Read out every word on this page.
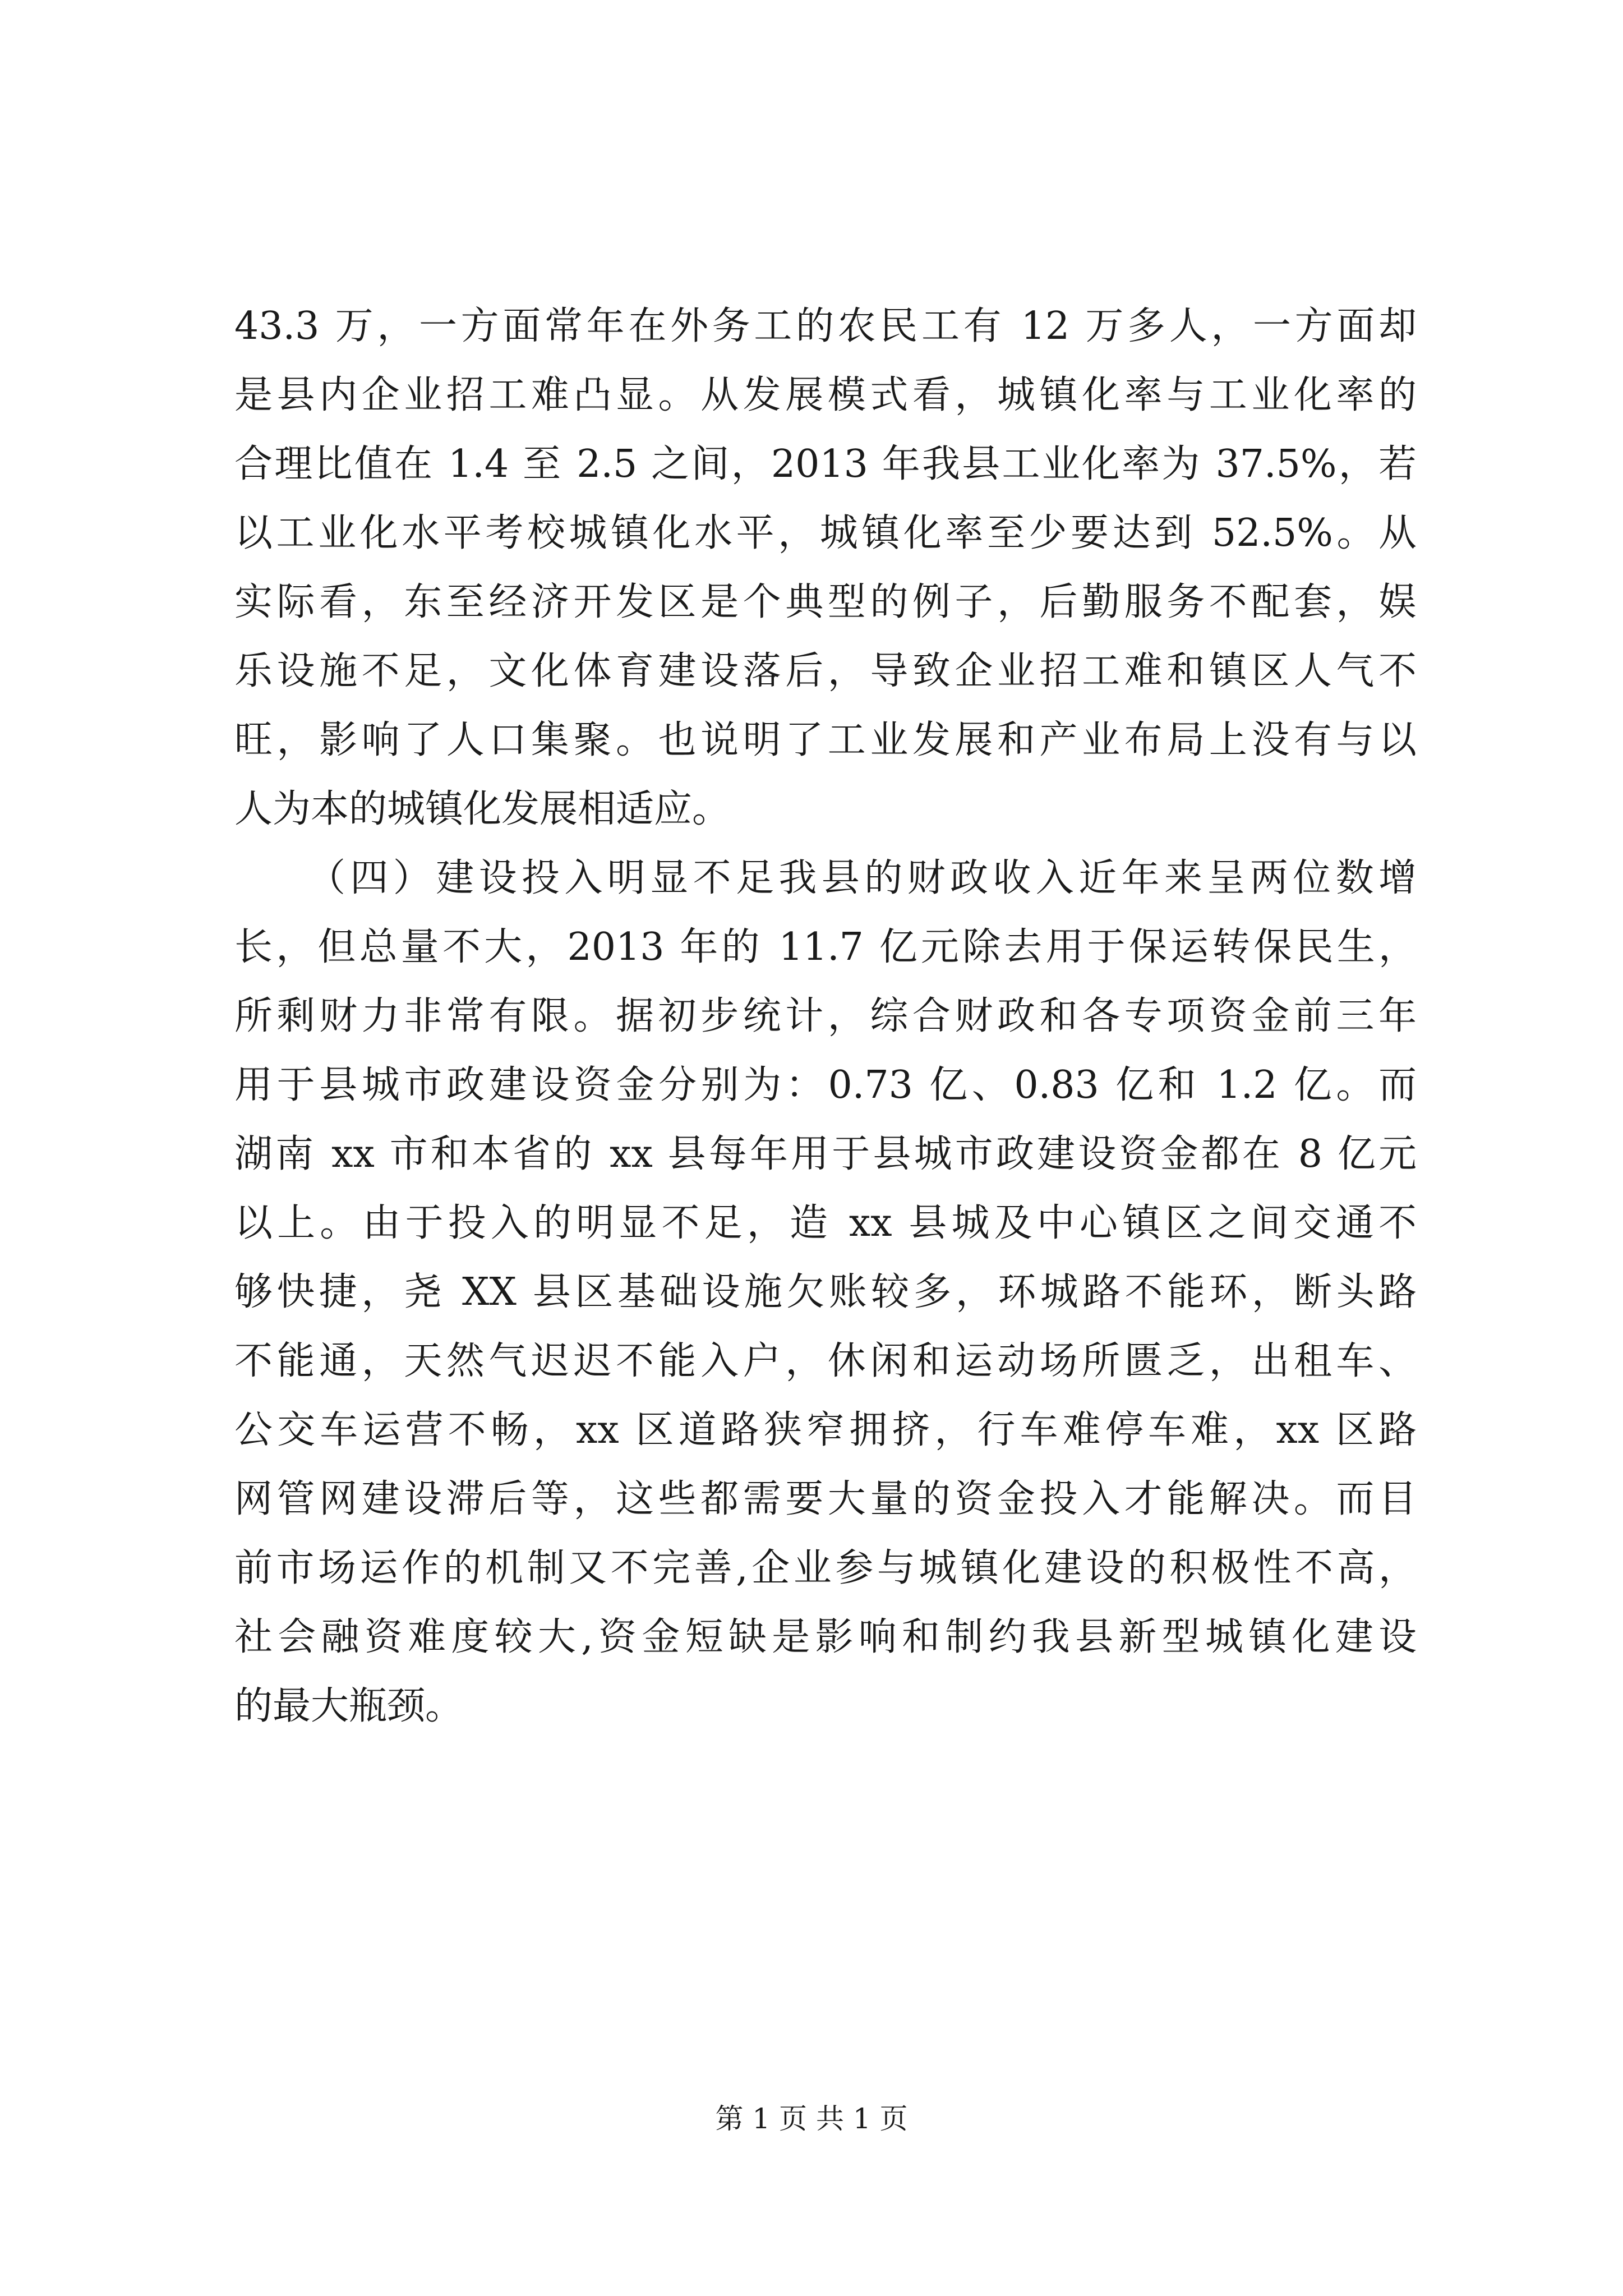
43.3 万，一方面常年在外务工的农民工有 12 万多人，一方面却
是县内企业招工难凸显。从发展模式看，城镇化率与工业化率的
合理比值在 1.4 至 2.5 之间，2013 年我县工业化率为 37.5%，若
以工业化水平考校城镇化水平，城镇化率至少要达到 52.5%。从
实际看，东至经济开发区是个典型的例子，后勤服务不配套，娱
乐设施不足，文化体育建设落后，导致企业招工难和镇区人气不
旺，影响了人口集聚。也说明了工业发展和产业布局上没有与以
人为本的城镇化发展相适应。
（四）建设投入明显不足我县的财政收入近年来呈两位数增
长，但总量不大，2013 年的 11.7 亿元除去用于保运转保民生，
所剩财力非常有限。据初步统计，综合财政和各专项资金前三年
用于县城市政建设资金分别为：0.73 亿、0.83 亿和 1.2 亿。而
湖南 xx 市和本省的 xx 县每年用于县城市政建设资金都在 8 亿元
以上。由于投入的明显不足，造 xx 县城及中心镇区之间交通不
够快捷，尧 XX 县区基础设施欠账较多，环城路不能环，断头路
不能通，天然气迟迟不能入户，休闲和运动场所匮乏，出租车、
公交车运营不畅，xx 区道路狭窄拥挤，行车难停车难，xx 区路
网管网建设滞后等，这些都需要大量的资金投入才能解决。而目
前市场运作的机制又不完善,企业参与城镇化建设的积极性不高，
社会融资难度较大,资金短缺是影响和制约我县新型城镇化建设
的最大瓶颈。
第 1 页 共 1 页
